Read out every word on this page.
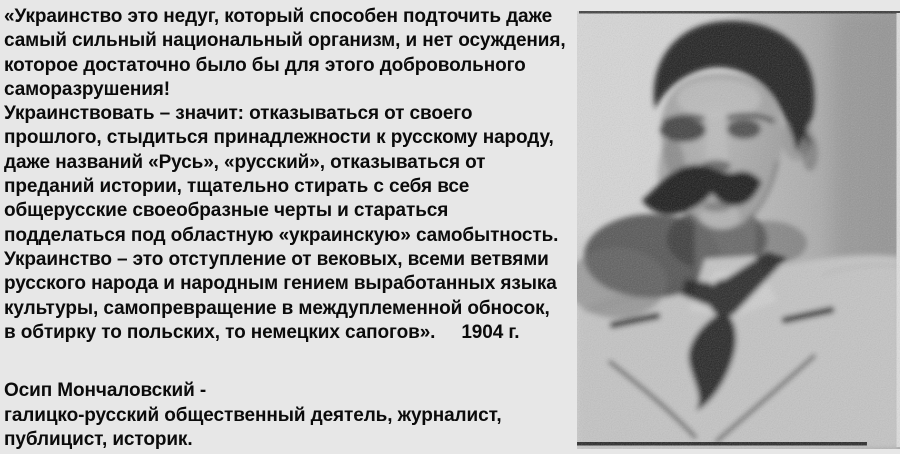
«Украинство это недуг, который способен подточить даже
самый сильный национальный организм, и нет осуждения,
которое достаточно было бы для этого добровольного
саморазрушения!
Украинствовать – значит: отказываться от своего
прошлого, стыдиться принадлежности к русскому народу,
даже названий «Русь», «русский», отказываться от
преданий истории, тщательно стирать с себя все
общерусские своеобразные черты и стараться
подделаться под областную «украинскую» самобытность.
Украинство – это отступление от вековых, всеми ветвями
русского народа и народным гением выработанных языка
культуры, самопревращение в междуплеменной обносок,
в обтирку то польских, то немецких сапогов». 1904 г.
Осип Мончаловский -
галицко-русский общественный деятель, журналист,
публицист, историк.
